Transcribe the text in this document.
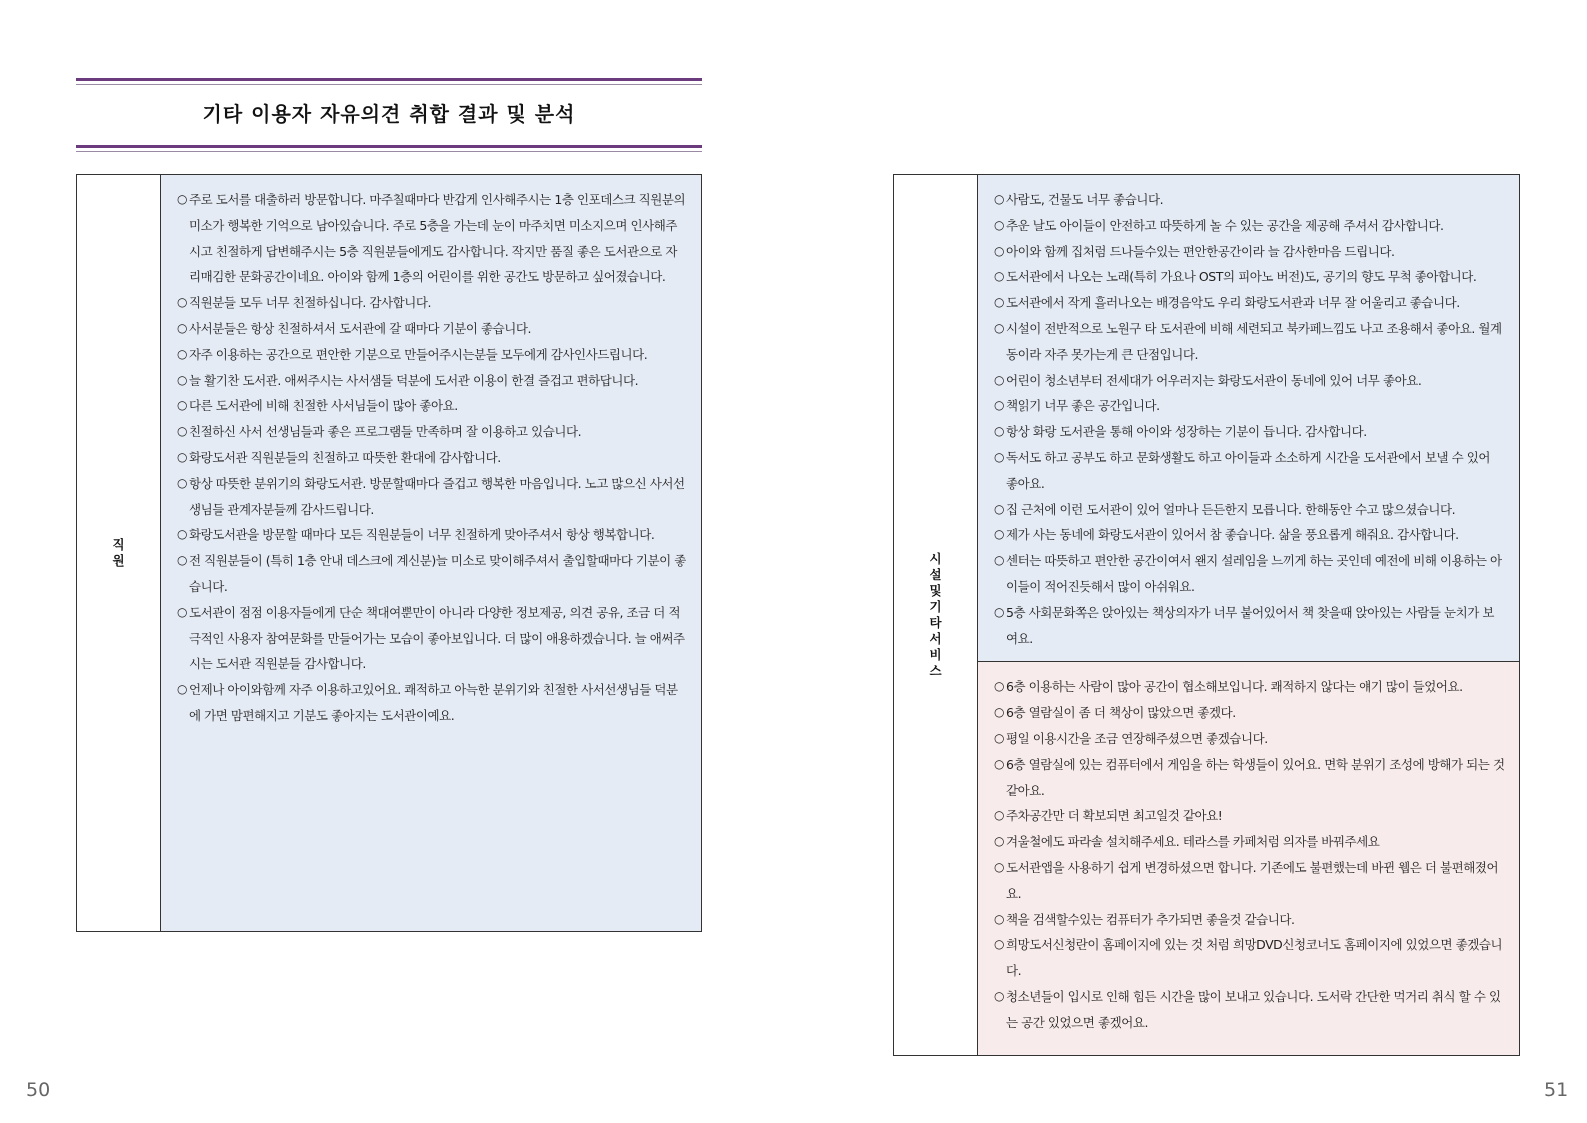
기타 이용자 자유의견 취합 결과 및 분석
직원	
○ 주로 도서를 대출하러 방문합니다. 마주칠때마다 반갑게 인사해주시는 1층 인포데스크 직원분의 미소가 행복한 기억으로 남아있습니다. 주로 5층을 가는데 눈이 마주치면 미소지으며 인사해주시고 친절하게 답변해주시는 5층 직원분들에게도 감사합니다. 작지만 품질 좋은 도서관으로 자리매김한 문화공간이네요. 아이와 함께 1층의 어린이를 위한 공간도 방문하고 싶어졌습니다.
○ 직원분들 모두 너무 친절하십니다. 감사합니다.
○ 사서분들은 항상 친절하셔서 도서관에 갈 때마다 기분이 좋습니다.
○ 자주 이용하는 공간으로 편안한 기분으로 만들어주시는분들 모두에게 감사인사드립니다.
○ 늘 활기찬 도서관. 애써주시는 사서샘들 덕분에 도서관 이용이 한결 즐겁고 편하답니다.
○ 다른 도서관에 비해 친절한 사서님들이 많아 좋아요.
○ 친절하신 사서 선생님들과 좋은 프로그램들 만족하며 잘 이용하고 있습니다.
○ 화랑도서관 직원분들의 친절하고 따뜻한 환대에 감사합니다.
○ 항상 따뜻한 분위기의 화랑도서관. 방문할때마다 즐겁고 행복한 마음입니다. 노고 많으신 사서선생님들 관계자분들께 감사드립니다.
○ 화랑도서관을 방문할 때마다 모든 직원분들이 너무 친절하게 맞아주셔서 항상 행복합니다.
○ 전 직원분들이 (특히 1층 안내 데스크에 계신분)늘 미소로 맞이해주셔서 출입할때마다 기분이 좋습니다.
○ 도서관이 점점 이용자들에게 단순 책대여뿐만이 아니라 다양한 정보제공, 의견 공유, 조금 더 적극적인 사용자 참여문화를 만들어가는 모습이 좋아보입니다. 더 많이 애용하겠습니다. 늘 애써주시는 도서관 직원분들 감사합니다.
○ 언제나 아이와함께 자주 이용하고있어요. 쾌적하고 아늑한 분위기와 친절한 사서선생님들 덕분에 가면 맘편해지고 기분도 좋아지는 도서관이예요.
시설 및 기타서비스	
○ 사람도, 건물도 너무 좋습니다.
○ 추운 날도 아이들이 안전하고 따뜻하게 놀 수 있는 공간을 제공해 주셔서 감사합니다.
○ 아이와 함께 집처럼 드나들수있는 편안한공간이라 늘 감사한마음 드립니다.
○ 도서관에서 나오는 노래(특히 가요나 OST의 피아노 버전)도, 공기의 향도 무척 좋아합니다.
○ 도서관에서 작게 흘러나오는 배경음악도 우리 화랑도서관과 너무 잘 어울리고 좋습니다.
○ 시설이 전반적으로 노원구 타 도서관에 비해 세련되고 북카페느낌도 나고 조용해서 좋아요. 월계동이라 자주 못가는게 큰 단점입니다.
○ 어린이 청소년부터 전세대가 어우러지는 화랑도서관이 동네에 있어 너무 좋아요.
○ 책읽기 너무 좋은 공간입니다.
○ 항상 화랑 도서관을 통해 아이와 성장하는 기분이 듭니다. 감사합니다.
○ 독서도 하고 공부도 하고 문화생활도 하고 아이들과 소소하게 시간을 도서관에서 보낼 수 있어 좋아요.
○ 집 근처에 이런 도서관이 있어 얼마나 든든한지 모릅니다. 한해동안 수고 많으셨습니다.
○ 제가 사는 동네에 화랑도서관이 있어서 참 좋습니다. 삶을 풍요롭게 해줘요. 감사합니다.
○ 센터는 따뜻하고 편안한 공간이여서 왠지 설레임을 느끼게 하는 곳인데 예전에 비해 이용하는 아이들이 적어진듯해서 많이 아쉬워요.
○ 5층 사회문화쪽은 앉아있는 책상의자가 너무 붙어있어서 책 찾을때 앉아있는 사람들 눈치가 보여요.

○ 6층 이용하는 사람이 많아 공간이 협소해보입니다. 쾌적하지 않다는 얘기 많이 들었어요.
○ 6층 열람실이 좀 더 책상이 많았으면 좋겠다.
○ 평일 이용시간을 조금 연장해주셨으면 좋겠습니다.
○ 6층 열람실에 있는 컴퓨터에서 게임을 하는 학생들이 있어요. 면학 분위기 조성에 방해가 되는 것 같아요.
○ 주차공간만 더 확보되면 최고일것 같아요!
○ 겨울철에도 파라솔 설치해주세요. 테라스를 카페처럼 의자를 바꿔주세요
○ 도서관앱을 사용하기 쉽게 변경하셨으면 합니다. 기존에도 불편했는데 바뀐 웹은 더 불편해졌어요.
○ 책을 검색할수있는 컴퓨터가 추가되면 좋을것 같습니다.
○ 희망도서신청란이 홈페이지에 있는 것 처럼 희망DVD신청코너도 홈페이지에 있었으면 좋겠습니다.
○ 청소년들이 입시로 인해 힘든 시간을 많이 보내고 있습니다. 도서락 간단한 먹거리 취식 할 수 있는 공간 있었으면 좋겠어요.
50	51
